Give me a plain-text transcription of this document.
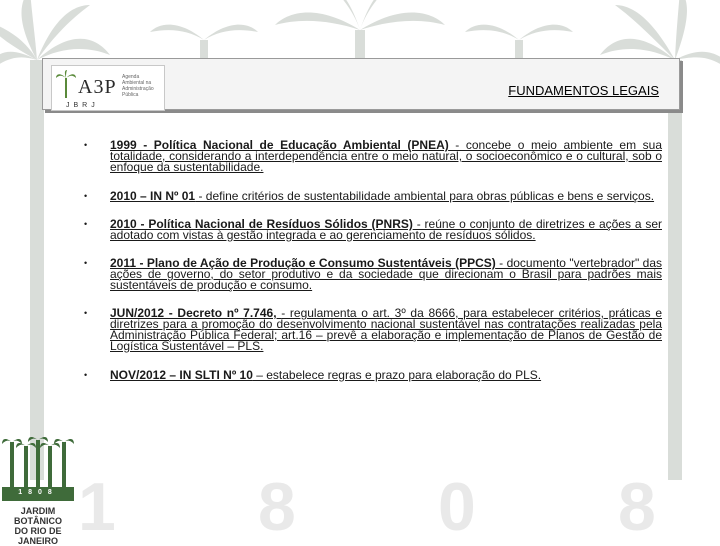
A3P Agenda
Ambiental na
Administração
Pública
JBRJ
FUNDAMENTOS LEGAIS
• 1999 - Política Nacional de Educação Ambiental (PNEA) - concebe o meio ambiente em sua totalidade, considerando a interdependência entre o meio natural, o socioeconômico e o cultural, sob o enfoque da sustentabilidade.
• 2010 – IN Nº 01 - define critérios de sustentabilidade ambiental para obras públicas e bens e serviços.
• 2010 - Política Nacional de Resíduos Sólidos (PNRS) - reúne o conjunto de diretrizes e ações a ser adotado com vistas à gestão integrada e ao gerenciamento de resíduos sólidos.
• 2011 - Plano de Ação de Produção e Consumo Sustentáveis (PPCS) - documento "vertebrador" das ações de governo, do setor produtivo e da sociedade que direcionam o Brasil para padrões mais sustentáveis de produção e consumo.
• JUN/2012 - Decreto nº 7.746, - regulamenta o art. 3º da 8666, para estabelecer critérios, práticas e diretrizes para a promoção do desenvolvimento nacional sustentável nas contratações realizadas pela Administração Pública Federal; art.16 – prevê a elaboração e implementação de Planos de Gestão de Logística Sustentável – PLS.
• NOV/2012 – IN SLTI Nº 10 – estabelece regras e prazo para elaboração do PLS.
1 8 0 8
1808
JARDIM BOTÂNICO
DO RIO DE JANEIRO
